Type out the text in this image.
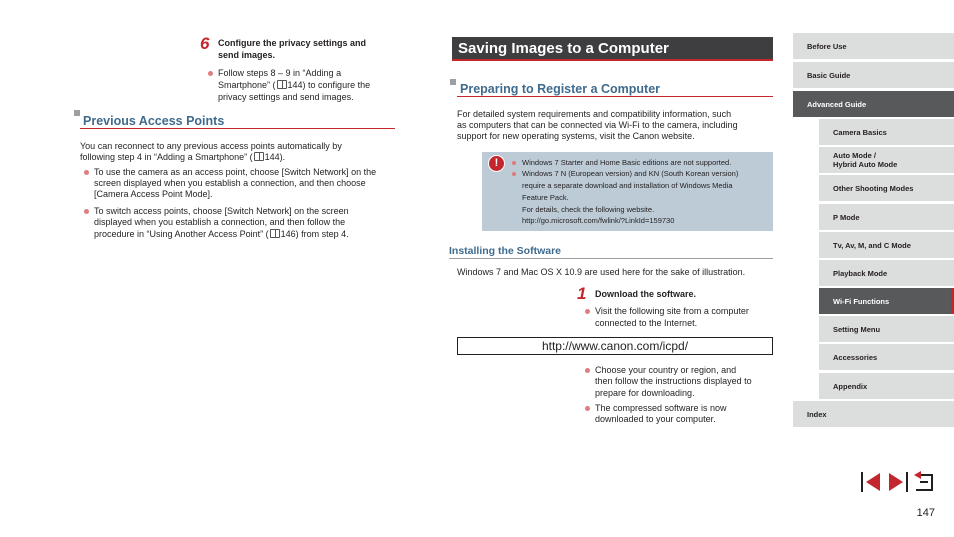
6 Configure the privacy settings and
send images.
Follow steps 8 – 9 in “Adding a
Smartphone” ( 144) to configure the
privacy settings and send images.
Previous Access Points
You can reconnect to any previous access points automatically by
following step 4 in “Adding a Smartphone” ( 144).
To use the camera as an access point, choose [Switch Network] on the
screen displayed when you establish a connection, and then choose
[Camera Access Point Mode].
To switch access points, choose [Switch Network] on the screen
displayed when you establish a connection, and then follow the
procedure in “Using Another Access Point” ( 146) from step 4.
Saving Images to a Computer
Preparing to Register a Computer
For detailed system requirements and compatibility information, such
as computers that can be connected via Wi-Fi to the camera, including
support for new operating systems, visit the Canon website.
!	Windows 7 Starter and Home Basic editions are not supported.
Windows 7 N (European version) and KN (South Korean version)
require a separate download and installation of Windows Media
Feature Pack.
For details, check the following website.
http://go.microsoft.com/fwlink/?LinkId=159730
Installing the Software
Windows 7 and Mac OS X 10.9 are used here for the sake of illustration.
1 Download the software.
Visit the following site from a computer
connected to the Internet.
http://www.canon.com/icpd/
Choose your country or region, and
then follow the instructions displayed to
prepare for downloading.
The compressed software is now
downloaded to your computer.
Before Use
Basic Guide
Advanced Guide
Camera Basics
Auto Mode /
Hybrid Auto Mode
Other Shooting Modes
P Mode
Tv, Av, M, and C Mode
Playback Mode
Wi-Fi Functions
Setting Menu
Accessories
Appendix
Index
147
